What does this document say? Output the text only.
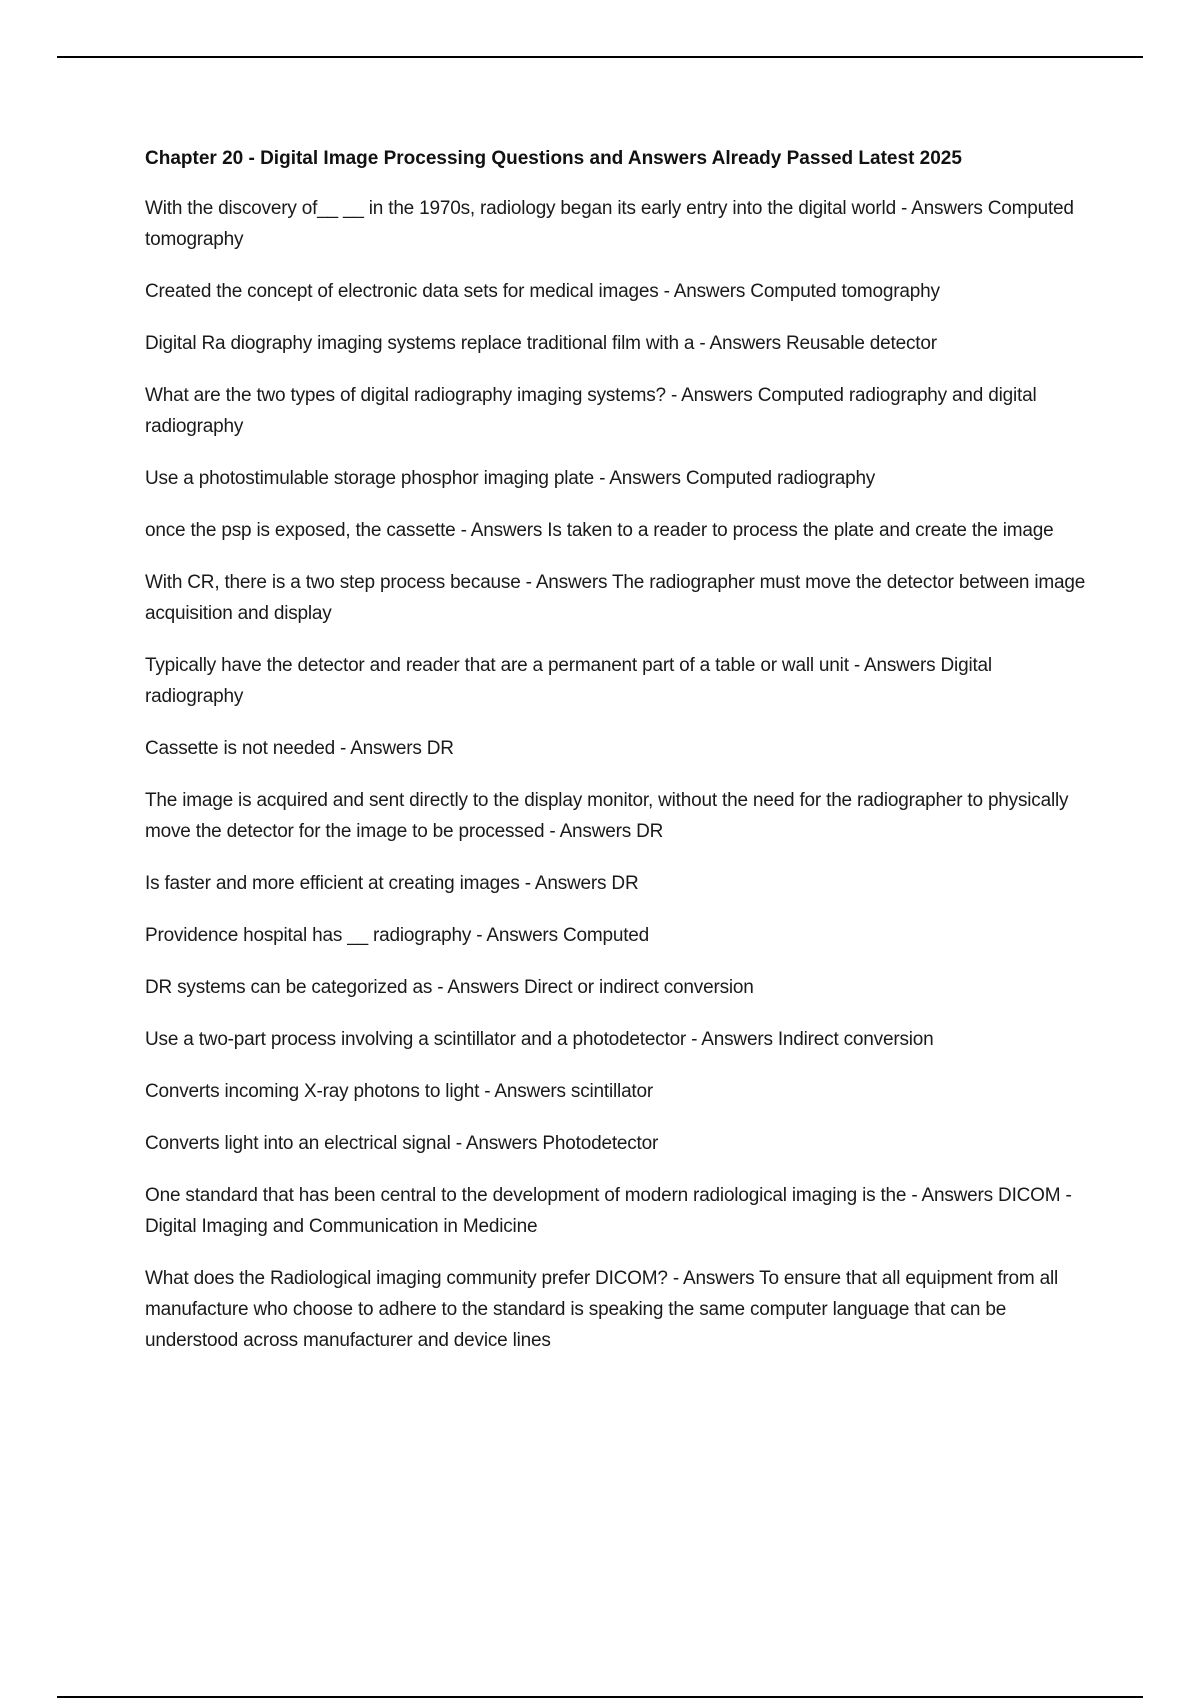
Chapter 20 - Digital Image Processing Questions and Answers Already Passed Latest 2025

With the discovery of__ __ in the 1970s, radiology began its early entry into the digital world - Answers Computed tomography

Created the concept of electronic data sets for medical images - Answers Computed tomography

Digital Ra diography imaging systems replace traditional film with a - Answers Reusable detector

What are the two types of digital radiography imaging systems? - Answers Computed radiography and digital radiography

Use a photostimulable storage phosphor imaging plate - Answers Computed radiography

once the psp is exposed, the cassette - Answers Is taken to a reader to process the plate and create the image

With CR, there is a two step process because - Answers The radiographer must move the detector between image acquisition and display

Typically have the detector and reader that are a permanent part of a table or wall unit - Answers Digital radiography

Cassette is not needed - Answers DR

The image is acquired and sent directly to the display monitor, without the need for the radiographer to physically move the detector for the image to be processed - Answers DR

Is faster and more efficient at creating images - Answers DR

Providence hospital has __ radiography - Answers Computed

DR systems can be categorized as - Answers Direct or indirect conversion

Use a two-part process involving a scintillator and a photodetector - Answers Indirect conversion

Converts incoming X-ray photons to light - Answers scintillator

Converts light into an electrical signal - Answers Photodetector

One standard that has been central to the development of modern radiological imaging is the - Answers DICOM - Digital Imaging and Communication in Medicine

What does the Radiological imaging community prefer DICOM? - Answers To ensure that all equipment from all manufacture who choose to adhere to the standard is speaking the same computer language that can be understood across manufacturer and device lines
